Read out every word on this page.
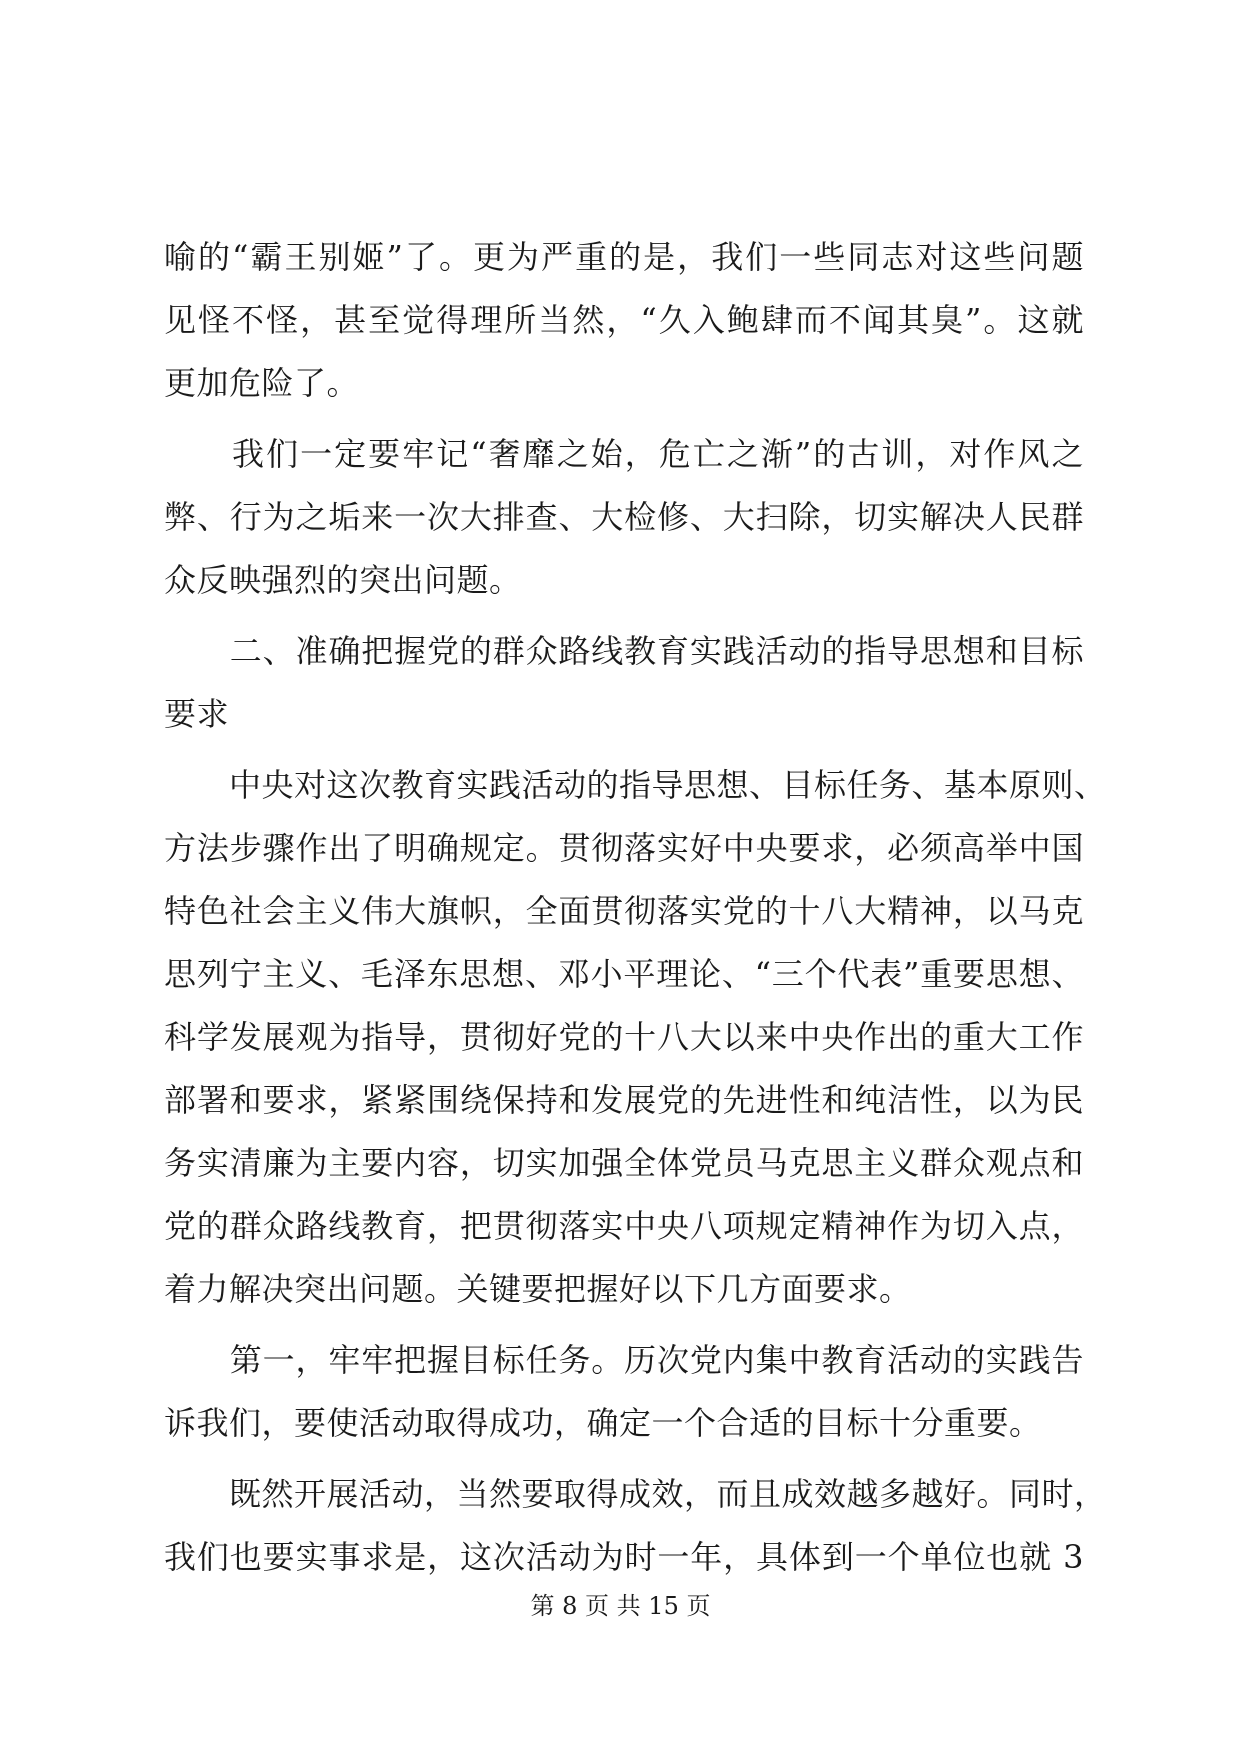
喻的“霸王别姬”了。更为严重的是，我们一些同志对这些问题
见怪不怪，甚至觉得理所当然，“久入鲍肆而不闻其臭”。这就
更加危险了。
　　我们一定要牢记“奢靡之始，危亡之渐”的古训，对作风之
弊、行为之垢来一次大排查、大检修、大扫除，切实解决人民群
众反映强烈的突出问题。
　　二、准确把握党的群众路线教育实践活动的指导思想和目标
要求
　　中央对这次教育实践活动的指导思想、目标任务、基本原则、
方法步骤作出了明确规定。贯彻落实好中央要求，必须高举中国
特色社会主义伟大旗帜，全面贯彻落实党的十八大精神，以马克
思列宁主义、毛泽东思想、邓小平理论、“三个代表”重要思想、
科学发展观为指导，贯彻好党的十八大以来中央作出的重大工作
部署和要求，紧紧围绕保持和发展党的先进性和纯洁性，以为民
务实清廉为主要内容，切实加强全体党员马克思主义群众观点和
党的群众路线教育，把贯彻落实中央八项规定精神作为切入点，
着力解决突出问题。关键要把握好以下几方面要求。
　　第一，牢牢把握目标任务。历次党内集中教育活动的实践告
诉我们，要使活动取得成功，确定一个合适的目标十分重要。
　　既然开展活动，当然要取得成效，而且成效越多越好。同时，
我们也要实事求是，这次活动为时一年，具体到一个单位也就 3
第 8 页 共 15 页
